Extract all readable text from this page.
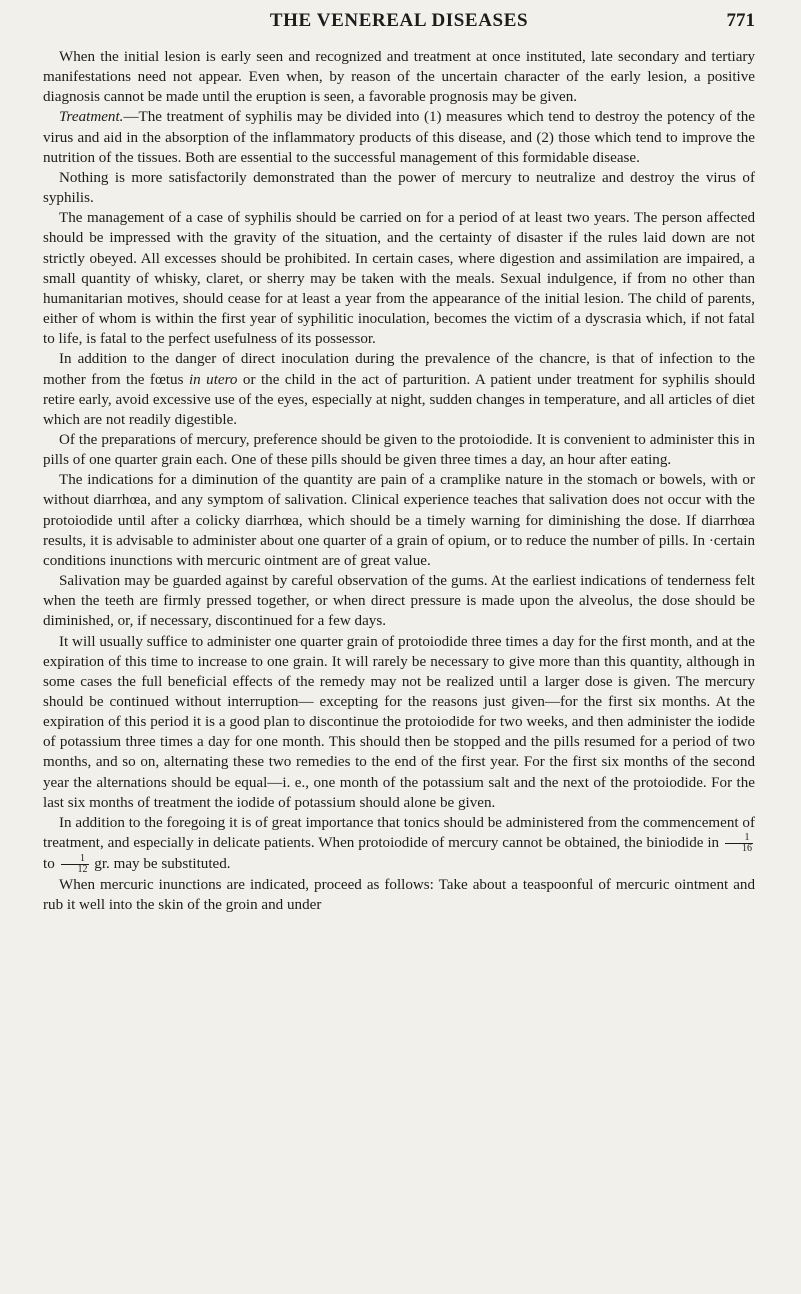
THE VENEREAL DISEASES	771

When the initial lesion is early seen and recognized and treatment at once instituted, late secondary and tertiary manifestations need not appear. Even when, by reason of the uncertain character of the early lesion, a positive diagnosis cannot be made until the eruption is seen, a favorable prognosis may be given.

Treatment.—The treatment of syphilis may be divided into (1) measures which tend to destroy the potency of the virus and aid in the absorption of the inflammatory products of this disease, and (2) those which tend to improve the nutrition of the tissues. Both are essential to the successful management of this formidable disease.

Nothing is more satisfactorily demonstrated than the power of mercury to neutralize and destroy the virus of syphilis.

The management of a case of syphilis should be carried on for a period of at least two years. The person affected should be impressed with the gravity of the situation, and the certainty of disaster if the rules laid down are not strictly obeyed. All excesses should be prohibited. In certain cases, where digestion and assimilation are impaired, a small quantity of whisky, claret, or sherry may be taken with the meals. Sexual indulgence, if from no other than humanitarian motives, should cease for at least a year from the appearance of the initial lesion. The child of parents, either of whom is within the first year of syphilitic inoculation, becomes the victim of a dyscrasia which, if not fatal to life, is fatal to the perfect usefulness of its possessor.

In addition to the danger of direct inoculation during the prevalence of the chancre, is that of infection to the mother from the fœtus in utero or the child in the act of parturition. A patient under treatment for syphilis should retire early, avoid excessive use of the eyes, especially at night, sudden changes in temperature, and all articles of diet which are not readily digestible.

Of the preparations of mercury, preference should be given to the protoiodide. It is convenient to administer this in pills of one quarter grain each. One of these pills should be given three times a day, an hour after eating.

The indications for a diminution of the quantity are pain of a cramplike nature in the stomach or bowels, with or without diarrhœa, and any symptom of salivation. Clinical experience teaches that salivation does not occur with the protoiodide until after a colicky diarrhœa, which should be a timely warning for diminishing the dose. If diarrhœa results, it is advisable to administer about one quarter of a grain of opium, or to reduce the number of pills. In ·certain conditions inunctions with mercuric ointment are of great value.

Salivation may be guarded against by careful observation of the gums. At the earliest indications of tenderness felt when the teeth are firmly pressed together, or when direct pressure is made upon the alveolus, the dose should be diminished, or, if necessary, discontinued for a few days.

It will usually suffice to administer one quarter grain of protoiodide three times a day for the first month, and at the expiration of this time to increase to one grain. It will rarely be necessary to give more than this quantity, although in some cases the full beneficial effects of the remedy may not be realized until a larger dose is given. The mercury should be continued without interruption— excepting for the reasons just given—for the first six months. At the expiration of this period it is a good plan to discontinue the protoiodide for two weeks, and then administer the iodide of potassium three times a day for one month. This should then be stopped and the pills resumed for a period of two months, and so on, alternating these two remedies to the end of the first year. For the first six months of the second year the alternations should be equal—i. e., one month of the potassium salt and the next of the protoiodide. For the last six months of treatment the iodide of potassium should alone be given.

In addition to the foregoing it is of great importance that tonics should be administered from the commencement of treatment, and especially in delicate patients. When protoiodide of mercury cannot be obtained, the biniodide in $\frac{1}{16}$
to $\frac{1}{12}$ gr. may be substituted.

When mercuric inunctions are indicated, proceed as follows: Take about a teaspoonful of mercuric ointment and rub it well into the skin of the groin and under
